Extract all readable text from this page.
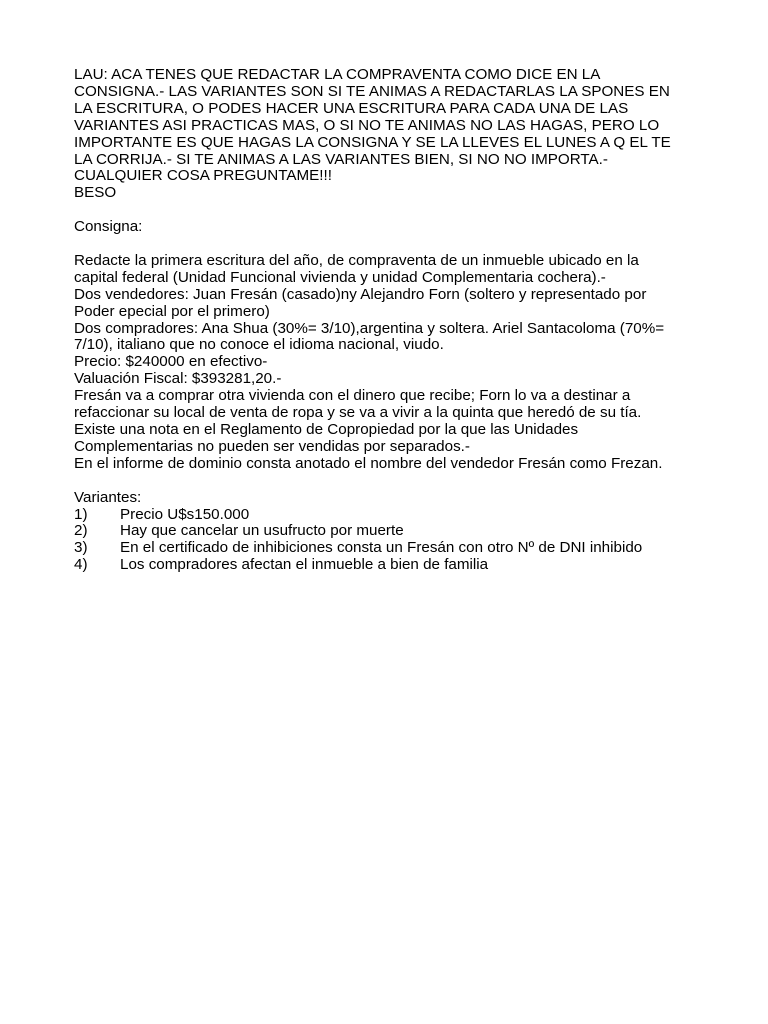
LAU: ACA TENES QUE REDACTAR LA COMPRAVENTA COMO DICE EN LA
CONSIGNA.- LAS VARIANTES SON SI TE ANIMAS A REDACTARLAS LA SPONES EN
LA ESCRITURA, O PODES HACER UNA ESCRITURA PARA CADA UNA DE LAS
VARIANTES ASI PRACTICAS MAS, O SI NO TE ANIMAS NO LAS HAGAS, PERO LO
IMPORTANTE ES QUE HAGAS LA CONSIGNA Y SE LA LLEVES EL LUNES A Q EL TE
LA CORRIJA.- SI TE ANIMAS A LAS VARIANTES BIEN, SI NO NO IMPORTA.-
CUALQUIER COSA PREGUNTAME!!!
BESO
Consigna:
Redacte la primera escritura del año, de compraventa de un inmueble ubicado en la
capital federal (Unidad Funcional vivienda y unidad Complementaria cochera).-
Dos vendedores: Juan Fresán (casado)ny Alejandro Forn (soltero y representado por
Poder epecial por el primero)
Dos compradores: Ana Shua (30%= 3/10),argentina y soltera. Ariel Santacoloma (70%=
7/10), italiano que no conoce el idioma nacional, viudo.
Precio: $240000 en efectivo-
Valuación Fiscal: $393281,20.-
Fresán va a comprar otra vivienda con el dinero que recibe; Forn lo va a destinar a
refaccionar su local de venta de ropa y se va a vivir a la quinta que heredó de su tía.
Existe una nota en el Reglamento de Copropiedad por la que las Unidades
Complementarias no pueden ser vendidas por separados.-
En el informe de dominio consta anotado el nombre del vendedor Fresán como Frezan.
Variantes:
1)	Precio U$s150.000
2)	Hay que cancelar un usufructo por muerte
3)	En el certificado de inhibiciones consta un Fresán con otro Nº de DNI inhibido
4)	Los compradores afectan el inmueble a bien de familia
